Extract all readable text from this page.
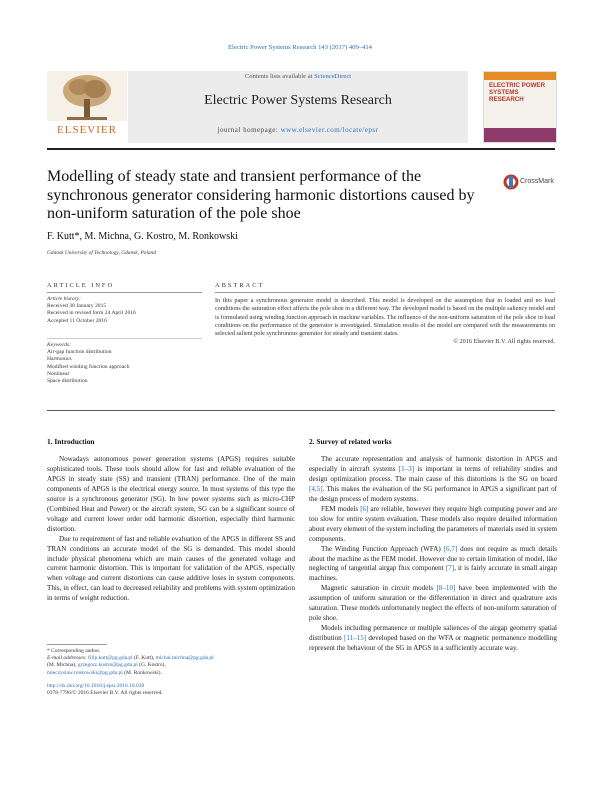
Electric Power Systems Research 143 (2017) 409–414
ELSEVIER
Contents lists available at ScienceDirect
Electric Power Systems Research
journal homepage: www.elsevier.com/locate/epsr
ELECTRIC POWER SYSTEMS RESEARCH
Modelling of steady state and transient performance of the synchronous generator considering harmonic distortions caused by non-uniform saturation of the pole shoe
CrossMark
F. Kutt*, M. Michna, G. Kostro, M. Ronkowski
Gdansk University of Technology, Gdansk, Poland
ARTICLE INFO	ABSTRACT
Article history:
Received 30 January 2015
Received in revised form 24 April 2016
Accepted 11 October 2016
Keywords:
Air-gap function distribution
Harmonics
Modified winding function approach
Nonlinear
Space distribution
In this paper a synchronous generator model is described. This model is developed on the assumption that in loaded and no load conditions the saturation effect affects the pole shoe in a different way. The developed model is based on the multiple saliency model and is formulated using winding function approach in machine variables. The influence of the non-uniform saturation of the pole shoe in load conditions on the performance of the generator is investigated. Simulation results of the model are compared with the measurements on selected salient pole synchronous generator for steady and transient states.
© 2016 Elsevier B.V. All rights reserved.
1. Introduction

Nowadays autonomous power generation systems (APGS) requires suitable sophisticated tools. These tools should allow for fast and reliable evaluation of the APGS in steady state (SS) and transient (TRAN) performance. One of the main components of APGS is the electrical energy source. In most systems of this type the source is a synchronous generator (SG). In low power systems such as micro-CHP (Combined Heat and Power) or the aircraft system, SG can be a significant source of voltage and current lower order odd harmonic distortion, especially third harmonic distortion.

Due to requirement of fast and reliable evaluation of the APGS in different SS and TRAN conditions an accurate model of the SG is demanded. This model should include physical phenomena which are main causes of the generated voltage and current harmonic distortion. This is important for validation of the APGS, especially when voltage and current distortions can cause additive loses in system components. This, in effect, can lead to decreased reliability and problems with system optimization in terms of weight reduction.

2. Survey of related works

The accurate representation and analysis of harmonic distortion in APGS and especially in aircraft systems [1–3] is important in terms of reliability studies and design optimization process. The main cause of this distortions is the SG on board [4,5]. This makes the evaluation of the SG performance in APGS a significant part of the design process of modern systems.

FEM models [6] are reliable, however they require high computing power and are too slow for entire system evaluation. These models also require detailed information about every element of the system including the parameters of materials used in system components.

The Winding Function Approach (WFA) [6,7] does not require as much details about the machine as the FEM model. However due to certain limitation of model, like neglecting of tangential airgap flux component [7], it is fairly accurate in small airgap machines.

Magnetic saturation in circuit models [8–10] have been implemented with the assumption of uniform saturation or the differentiation in direct and quadrature axis saturation. These models unfortunately neglect the effects of non-uniform saturation of pole shoe.

Models including permanence or multiple saliences of the airgap geometry spatial distribution [11–15] developed based on the WFA or magnetic permanence modelling represent the behaviour of the SG in APGS in a sufficiently accurate way.

* Corresponding author.
E-mail addresses: filip.kutt@pg.gda.pl (F. Kutt), michal.michna@pg.gda.pl
(M. Michna), grzegorz.kostro@pg.gda.pl (G. Kostro),
mieczyslaw.ronkowski@pg.gda.pl (M. Ronkowski).
http://dx.doi.org/10.1016/j.epsr.2016.10.030
0378-7796/© 2016 Elsevier B.V. All rights reserved.
